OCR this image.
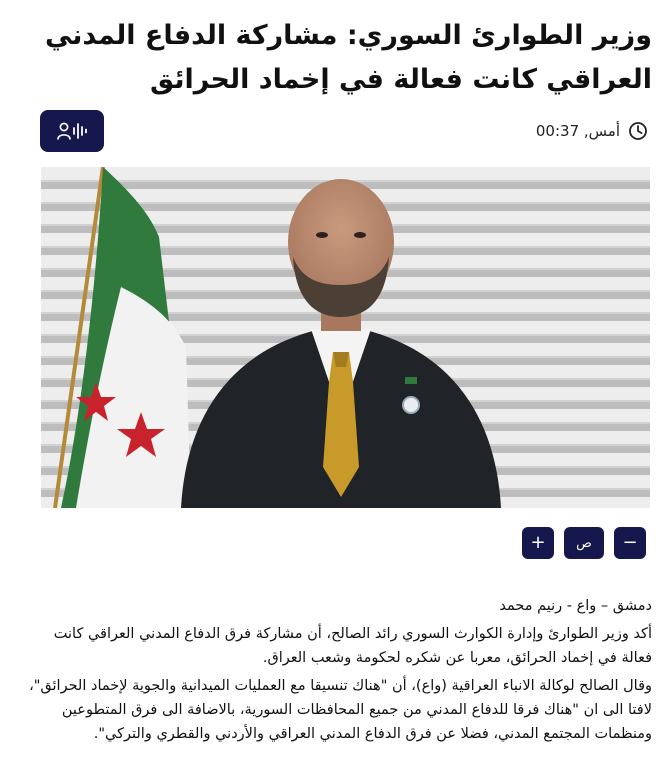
وزير الطوارئ السوري: مشاركة الدفاع المدني العراقي كانت فعالة في إخماد الحرائق
أمس, 00:37
−
ص
+

دمشق – واع - رنيم محمد

أكد وزير الطوارئ وإدارة الكوارث السوري رائد الصالح، أن مشاركة فرق الدفاع المدني العراقي كانت فعالة في إخماد الحرائق، معربا عن شكره لحكومة وشعب العراق.

وقال الصالح لوكالة الانباء العراقية (واع)، أن "هناك تنسيقا مع العمليات الميدانية والجوية لإخماد الحرائق"، لافتا الى ان "هناك فرقا للدفاع المدني من جميع المحافظات السورية، بالاضافة الى فرق المتطوعين ومنظمات المجتمع المدني، فضلا عن فرق الدفاع المدني العراقي والأردني والقطري والتركي".
